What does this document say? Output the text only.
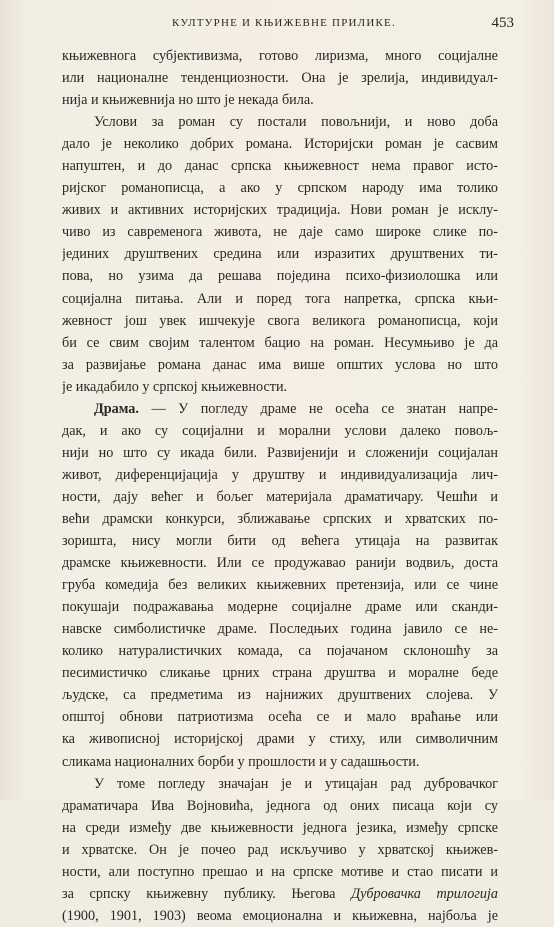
КУЛТУРНЕ И КЊИЖЕВНЕ ПРИЛИКЕ.	453
књижевнога субјективизма, готово лиризма, много социјалне
или националне тенденциозности. Она је зрелија, индивидуал-
нија и књижевнија но што је некада била.
Услови за роман су постали повољнији, и ново доба
дало је неколико добрих романа. Историјски роман је сасвим
напуштен, и до данас српска књижевност нема правог исто-
ријског романописца, а ако у српском народу има толико
живих и активних историјских традиција. Нови роман је исклу-
чиво из савременога живота, не даје само широке слике по-
јединих друштвених средина или изразитих друштвених ти-
пова, но узима да решава поједина психо-физиолошка или
социјална питања. Али и поред тога напретка, српска књи-
жевност још увек ишчекује свога великога романописца, који
би се свим својим талентом бацио на роман. Несумњиво је да
за развијање романа данас има више општих услова но што
је икадабило у српској књижевности.
Драма. — У погледу драме не осећа се знатан напре-
дак, и ако су социјални и морални услови далеко повољ-
нији но што су икада били. Развијенији и сложенији социјалан
живот, диференцијација у друштву и индивидуализација лич-
ности, дају већег и бољег материјала драматичару. Чешћи и
већи драмски конкурси, зближавање српских и хрватских по-
зоришта, нису могли бити од већега утицаја на развитак
драмске књижевности. Или се продужавао ранији водвиљ, доста
груба комедија без великих књижевних претензија, или се чине
покушаји подражавања модерне социјалне драме или сканди-
навске симболистичке драме. Последњих година јавило се не-
колико натуралистичких комада, са појачаном склоношћу за
песимистичко сликање црних страна друштва и моралне беде
људске, са предметима из најнижих друштвених слојева. У
општој обнови патриотизма осећа се и мало враћање или
ка живописној историјској драми у стиху, или символичним
сликама националних борби у прошлости и у садашњости.
У томе погледу значајан је и утицајан рад дубровачког
драматичара Ива Војновића, једнога од оних писаца који су
на среди између две књижевности једнога језика, између српске
и хрватске. Он је почео рад искључиво у хрватској књижев-
ности, али поступно прешао и на српске мотиве и стао писати и
за српску књижевну публику. Његова Дубровачка трилогија
(1900, 1901, 1903) веома емоционална и књижевна, најбоља је
